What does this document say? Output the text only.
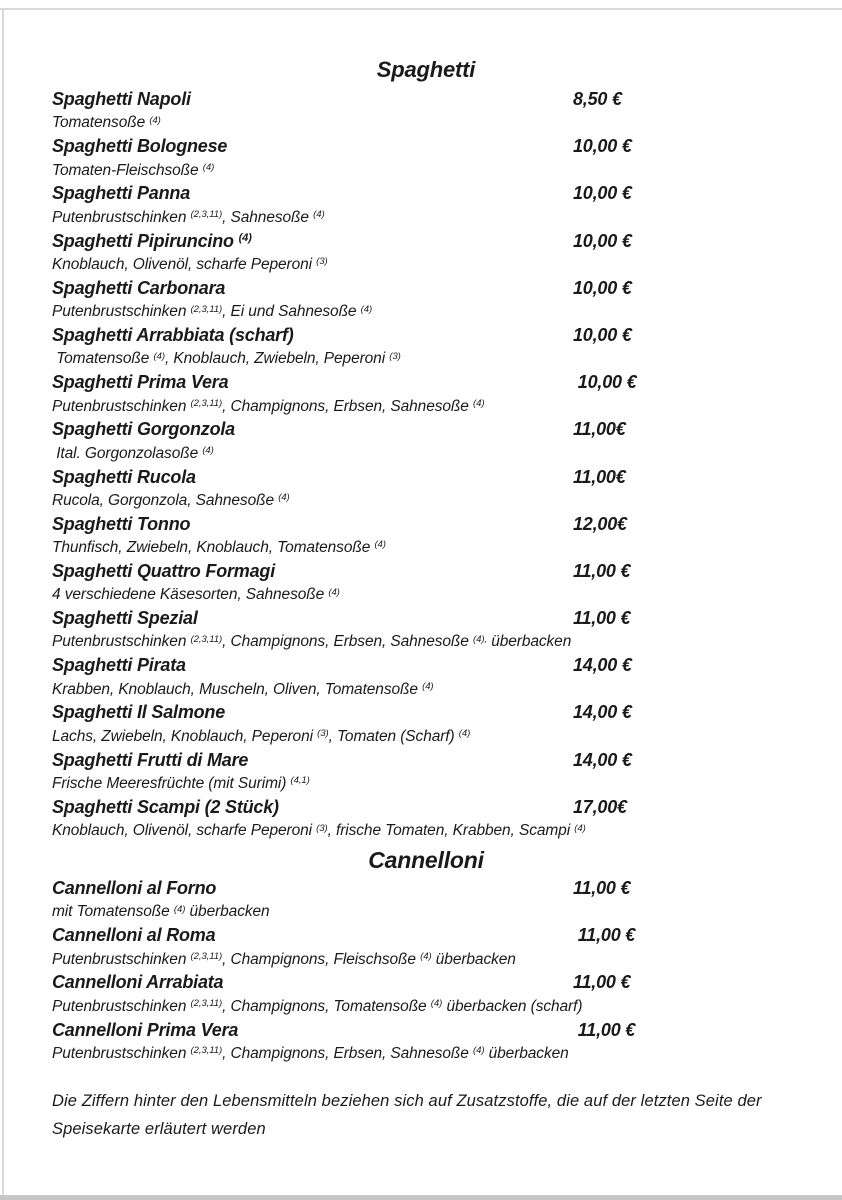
Spaghetti
Spaghetti Napoli	8,50 €
Tomatensoße $^{(4)}$
Spaghetti Bolognese	10,00 €
Tomaten-Fleischsoße $^{(4)}$
Spaghetti Panna	10,00 €
Putenbrustschinken $^{(2,3,11)}$, Sahnesoße $^{(4)}$
Spaghetti Pipiruncino $^{(4)}$	10,00 €
Knoblauch, Olivenöl, scharfe Peperoni $^{(3)}$
Spaghetti Carbonara	10,00 €
Putenbrustschinken $^{(2,3,11)}$, Ei und Sahnesoße $^{(4)}$
Spaghetti Arrabbiata (scharf)	10,00 €
Tomatensoße $^{(4)}$, Knoblauch, Zwiebeln, Peperoni $^{(3)}$
Spaghetti Prima Vera	10,00 €
Putenbrustschinken $^{(2,3,11)}$, Champignons, Erbsen, Sahnesoße $^{(4)}$
Spaghetti Gorgonzola	11,00€
Ital. Gorgonzolasoße $^{(4)}$
Spaghetti Rucola	11,00€
Rucola, Gorgonzola, Sahnesoße $^{(4)}$
Spaghetti Tonno	12,00€
Thunfisch, Zwiebeln, Knoblauch, Tomatensoße $^{(4)}$
Spaghetti Quattro Formagi	11,00 €
4 verschiedene Käsesorten, Sahnesoße $^{(4)}$
Spaghetti Spezial	11,00 €
Putenbrustschinken $^{(2,3,11)}$, Champignons, Erbsen, Sahnesoße $^{(4),}$ überbacken
Spaghetti Pirata	14,00 €
Krabben, Knoblauch, Muscheln, Oliven, Tomatensoße $^{(4)}$
Spaghetti Il Salmone	14,00 €
Lachs, Zwiebeln, Knoblauch, Peperoni $^{(3)}$, Tomaten (Scharf) $^{(4)}$
Spaghetti Frutti di Mare	14,00 €
Frische Meeresfrüchte (mit Surimi) $^{(4,1)}$
Spaghetti Scampi (2 Stück)	17,00€
Knoblauch, Olivenöl, scharfe Peperoni $^{(3)}$, frische Tomaten, Krabben, Scampi $^{(4)}$
Cannelloni
Cannelloni al Forno	11,00 €
mit Tomatensoße $^{(4)}$ überbacken
Cannelloni al Roma	11,00 €
Putenbrustschinken $^{(2,3,11)}$, Champignons, Fleischsoße $^{(4)}$ überbacken
Cannelloni Arrabiata	11,00 €
Putenbrustschinken $^{(2,3,11)}$, Champignons, Tomatensoße $^{(4)}$ überbacken (scharf)
Cannelloni Prima Vera	11,00 €
Putenbrustschinken $^{(2,3,11)}$, Champignons, Erbsen, Sahnesoße $^{(4)}$ überbacken
Die Ziffern hinter den Lebensmitteln beziehen sich auf Zusatzstoffe, die auf der letzten Seite der
Speisekarte erläutert werden
